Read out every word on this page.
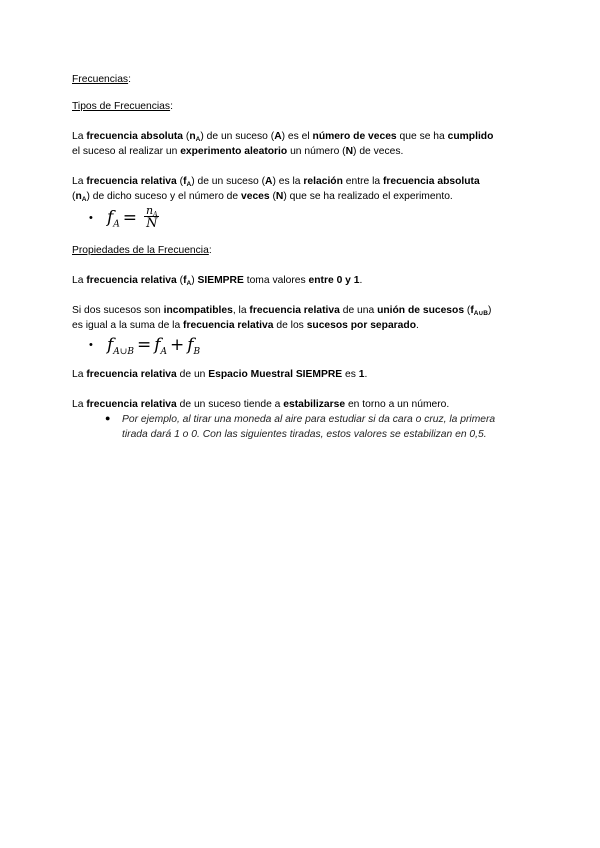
Frecuencias:

Tipos de Frecuencias:

La frecuencia absoluta $(n_A)$ de un suceso (A) es el número de veces que se ha cumplido
el suceso al realizar un experimento aleatorio un número (N) de veces.

La frecuencia relativa $(f_A)$ de un suceso (A) es la relación entre la frecuencia absoluta
$(n_A)$ de dicho suceso y el número de veces (N) que se ha realizado el experimento.

• $f_A = \frac{n_A}{N}$

Propiedades de la Frecuencia:

La frecuencia relativa $(f_A)$ SIEMPRE toma valores entre 0 y 1.

Si dos sucesos son incompatibles, la frecuencia relativa de una unión de sucesos $(f_{A\cup B})$
es igual a la suma de la frecuencia relativa de los sucesos por separado.

• $f_{A\cup B} = f_A + f_B$

La frecuencia relativa de un Espacio Muestral SIEMPRE es 1.

La frecuencia relativa de un suceso tiende a estabilizarse en torno a un número.

●	Por ejemplo, al tirar una moneda al aire para estudiar si da cara o cruz, la primera
tirada dará 1 o 0. Con las siguientes tiradas, estos valores se estabilizan en 0,5.
